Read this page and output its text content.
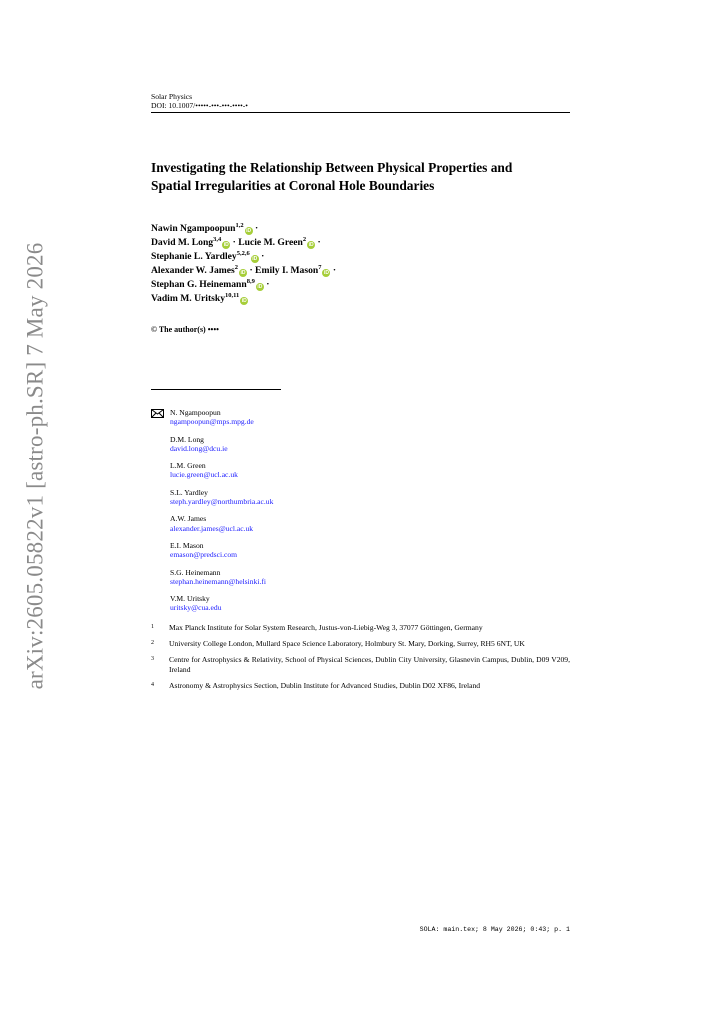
arXiv:2605.05822v1 [astro-ph.SR] 7 May 2026
Solar Physics
DOI: 10.1007/•••••-•••-•••-••••-•
Investigating the Relationship Between Physical Properties and Spatial Irregularities at Coronal Hole Boundaries
Nawin Ngampoopun$^{1,2}$iD ·
David M. Long$^{3,4}$iD · Lucie M. Green$^2$iD ·
Stephanie L. Yardley$^{5,2,6}$iD ·
Alexander W. James$^2$iD · Emily I. Mason$^7$iD ·
Stephan G. Heinemann$^{8,9}$iD ·
Vadim M. Uritsky$^{10,11}$iD
© The author(s) ••••
N. Ngampoopun
ngampoopun@mps.mpg.de
D.M. Long
david.long@dcu.ie
L.M. Green
lucie.green@ucl.ac.uk
S.L. Yardley
steph.yardley@northumbria.ac.uk
A.W. James
alexander.james@ucl.ac.uk
E.I. Mason
emason@predsci.com
S.G. Heinemann
stephan.heinemann@helsinki.fi
V.M. Uritsky
uritsky@cua.edu
1	Max Planck Institute for Solar System Research, Justus-von-Liebig-Weg 3, 37077 Göttingen, Germany
2	University College London, Mullard Space Science Laboratory, Holmbury St. Mary, Dorking, Surrey, RH5 6NT, UK
3	Centre for Astrophysics & Relativity, School of Physical Sciences, Dublin City University, Glasnevin Campus, Dublin, D09 V209, Ireland
4	Astronomy & Astrophysics Section, Dublin Institute for Advanced Studies, Dublin D02 XF86, Ireland
SOLA: main.tex; 8 May 2026; 0:43; p. 1
